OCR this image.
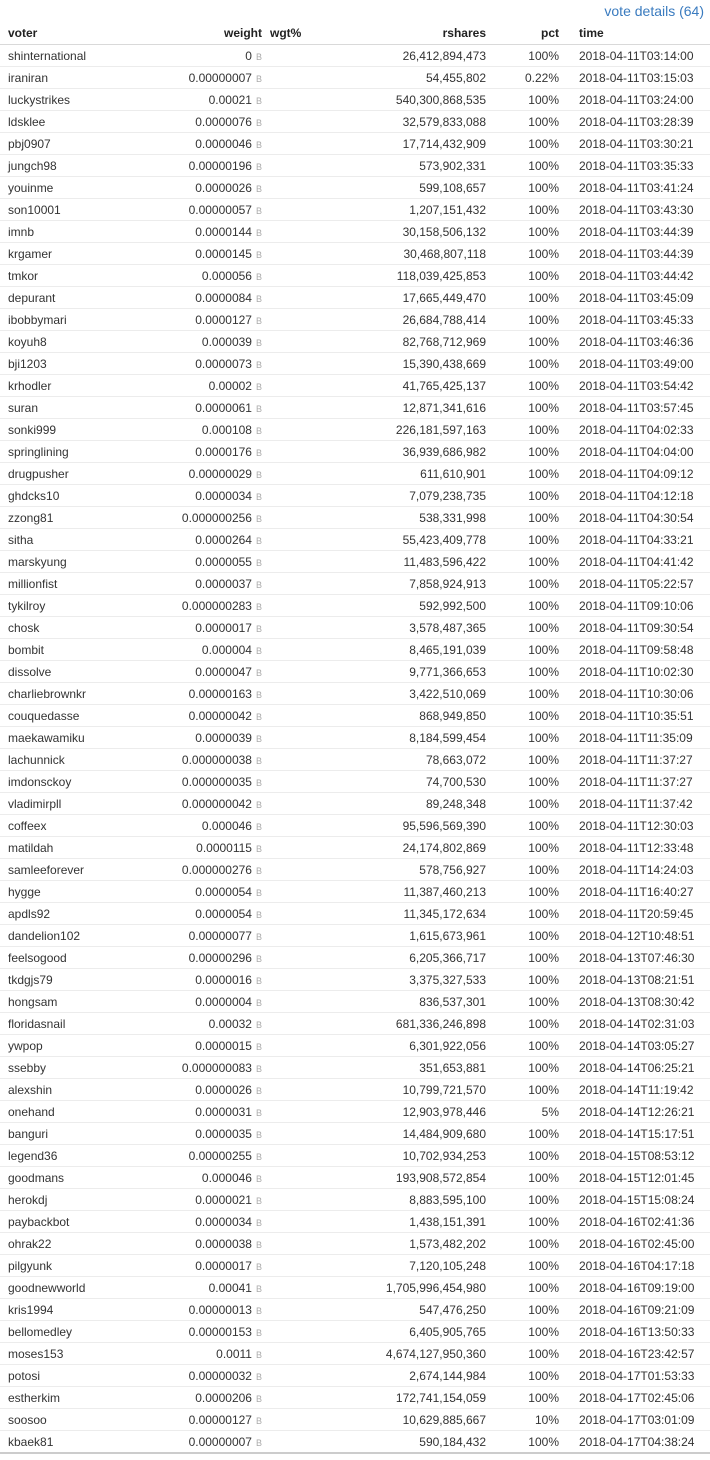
vote details (64)
voter	weight	wgt%	rshares	pct	time
shinternational	0 B		26,412,894,473	100%	2018-04-11T03:14:00
iraniran	0.00000007 B		54,455,802	0.22%	2018-04-11T03:15:03
luckystrikes	0.00021 B		540,300,868,535	100%	2018-04-11T03:24:00
ldsklee	0.0000076 B		32,579,833,088	100%	2018-04-11T03:28:39
pbj0907	0.0000046 B		17,714,432,909	100%	2018-04-11T03:30:21
jungch98	0.00000196 B		573,902,331	100%	2018-04-11T03:35:33
youinme	0.0000026 B		599,108,657	100%	2018-04-11T03:41:24
son10001	0.00000057 B		1,207,151,432	100%	2018-04-11T03:43:30
imnb	0.0000144 B		30,158,506,132	100%	2018-04-11T03:44:39
krgamer	0.0000145 B		30,468,807,118	100%	2018-04-11T03:44:39
tmkor	0.000056 B		118,039,425,853	100%	2018-04-11T03:44:42
depurant	0.0000084 B		17,665,449,470	100%	2018-04-11T03:45:09
ibobbymari	0.0000127 B		26,684,788,414	100%	2018-04-11T03:45:33
koyuh8	0.000039 B		82,768,712,969	100%	2018-04-11T03:46:36
bji1203	0.0000073 B		15,390,438,669	100%	2018-04-11T03:49:00
krhodler	0.00002 B		41,765,425,137	100%	2018-04-11T03:54:42
suran	0.0000061 B		12,871,341,616	100%	2018-04-11T03:57:45
sonki999	0.000108 B		226,181,597,163	100%	2018-04-11T04:02:33
springlining	0.0000176 B		36,939,686,982	100%	2018-04-11T04:04:00
drugpusher	0.00000029 B		611,610,901	100%	2018-04-11T04:09:12
ghdcks10	0.0000034 B		7,079,238,735	100%	2018-04-11T04:12:18
zzong81	0.000000256 B		538,331,998	100%	2018-04-11T04:30:54
sitha	0.0000264 B		55,423,409,778	100%	2018-04-11T04:33:21
marskyung	0.0000055 B		11,483,596,422	100%	2018-04-11T04:41:42
millionfist	0.0000037 B		7,858,924,913	100%	2018-04-11T05:22:57
tykilroy	0.000000283 B		592,992,500	100%	2018-04-11T09:10:06
chosk	0.0000017 B		3,578,487,365	100%	2018-04-11T09:30:54
bombit	0.000004 B		8,465,191,039	100%	2018-04-11T09:58:48
dissolve	0.0000047 B		9,771,366,653	100%	2018-04-11T10:02:30
charliebrownkr	0.00000163 B		3,422,510,069	100%	2018-04-11T10:30:06
couquedasse	0.00000042 B		868,949,850	100%	2018-04-11T10:35:51
maekawamiku	0.0000039 B		8,184,599,454	100%	2018-04-11T11:35:09
lachunnick	0.000000038 B		78,663,072	100%	2018-04-11T11:37:27
imdonsckoy	0.000000035 B		74,700,530	100%	2018-04-11T11:37:27
vladimirpll	0.000000042 B		89,248,348	100%	2018-04-11T11:37:42
coffeex	0.000046 B		95,596,569,390	100%	2018-04-11T12:30:03
matildah	0.0000115 B		24,174,802,869	100%	2018-04-11T12:33:48
samleeforever	0.000000276 B		578,756,927	100%	2018-04-11T14:24:03
hygge	0.0000054 B		11,387,460,213	100%	2018-04-11T16:40:27
apdls92	0.0000054 B		11,345,172,634	100%	2018-04-11T20:59:45
dandelion102	0.00000077 B		1,615,673,961	100%	2018-04-12T10:48:51
feelsogood	0.00000296 B		6,205,366,717	100%	2018-04-13T07:46:30
tkdgjs79	0.0000016 B		3,375,327,533	100%	2018-04-13T08:21:51
hongsam	0.0000004 B		836,537,301	100%	2018-04-13T08:30:42
floridasnail	0.00032 B		681,336,246,898	100%	2018-04-14T02:31:03
ywpop	0.0000015 B		6,301,922,056	100%	2018-04-14T03:05:27
ssebby	0.000000083 B		351,653,881	100%	2018-04-14T06:25:21
alexshin	0.0000026 B		10,799,721,570	100%	2018-04-14T11:19:42
onehand	0.0000031 B		12,903,978,446	5%	2018-04-14T12:26:21
banguri	0.0000035 B		14,484,909,680	100%	2018-04-14T15:17:51
legend36	0.00000255 B		10,702,934,253	100%	2018-04-15T08:53:12
goodmans	0.000046 B		193,908,572,854	100%	2018-04-15T12:01:45
herokdj	0.0000021 B		8,883,595,100	100%	2018-04-15T15:08:24
paybackbot	0.0000034 B		1,438,151,391	100%	2018-04-16T02:41:36
ohrak22	0.0000038 B		1,573,482,202	100%	2018-04-16T02:45:00
pilgyunk	0.0000017 B		7,120,105,248	100%	2018-04-16T04:17:18
goodnewworld	0.00041 B		1,705,996,454,980	100%	2018-04-16T09:19:00
kris1994	0.00000013 B		547,476,250	100%	2018-04-16T09:21:09
bellomedley	0.00000153 B		6,405,905,765	100%	2018-04-16T13:50:33
moses153	0.0011 B		4,674,127,950,360	100%	2018-04-16T23:42:57
potosi	0.00000032 B		2,674,144,984	100%	2018-04-17T01:53:33
estherkim	0.0000206 B		172,741,154,059	100%	2018-04-17T02:45:06
soosoo	0.00000127 B		10,629,885,667	10%	2018-04-17T03:01:09
kbaek81	0.00000007 B		590,184,432	100%	2018-04-17T04:38:24
